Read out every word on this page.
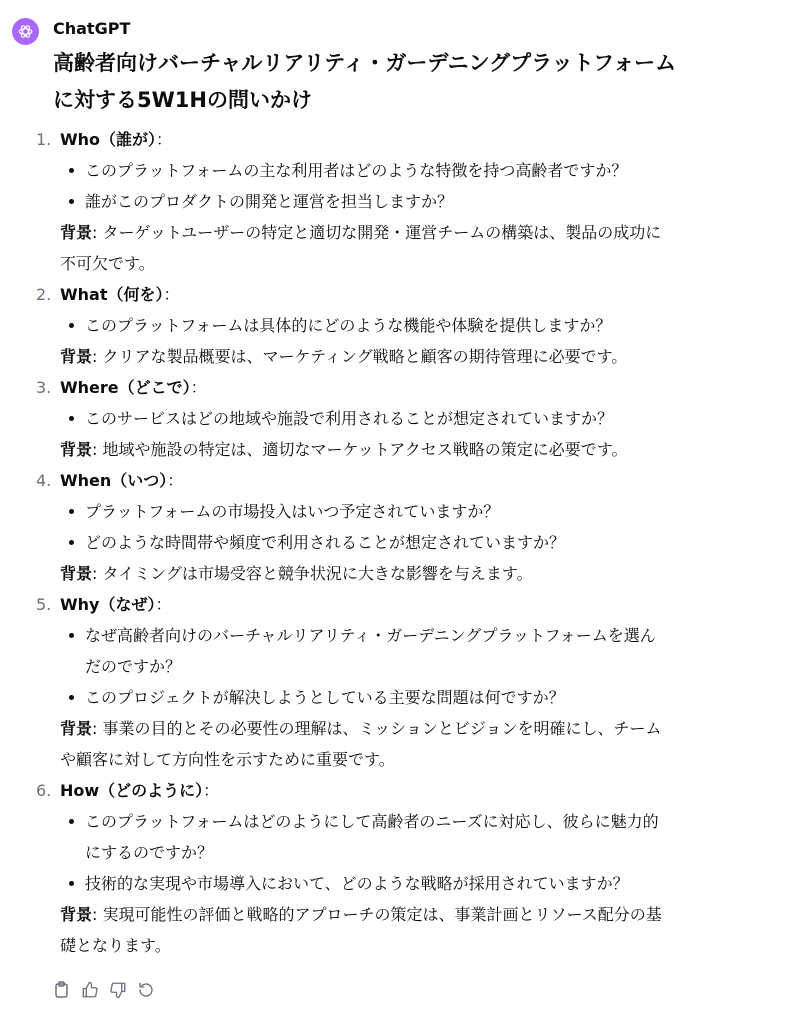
ChatGPT
高齢者向けバーチャルリアリティ・ガーデニングプラットフォーム
に対する5W1Hの問いかけ
1. Who（誰が）：
このプラットフォームの主な利用者はどのような特徴を持つ高齢者ですか？
誰がこのプロダクトの開発と運営を担当しますか？
背景: ターゲットユーザーの特定と適切な開発・運営チームの構築は、製品の成功に
不可欠です。
2. What（何を）：
このプラットフォームは具体的にどのような機能や体験を提供しますか？
背景: クリアな製品概要は、マーケティング戦略と顧客の期待管理に必要です。
3. Where（どこで）：
このサービスはどの地域や施設で利用されることが想定されていますか？
背景: 地域や施設の特定は、適切なマーケットアクセス戦略の策定に必要です。
4. When（いつ）：
プラットフォームの市場投入はいつ予定されていますか？
どのような時間帯や頻度で利用されることが想定されていますか？
背景: タイミングは市場受容と競争状況に大きな影響を与えます。
5. Why（なぜ）：
なぜ高齢者向けのバーチャルリアリティ・ガーデニングプラットフォームを選ん
だのですか？
このプロジェクトが解決しようとしている主要な問題は何ですか？
背景: 事業の目的とその必要性の理解は、ミッションとビジョンを明確にし、チーム
や顧客に対して方向性を示すために重要です。
6. How（どのように）：
このプラットフォームはどのようにして高齢者のニーズに対応し、彼らに魅力的
にするのですか？
技術的な実現や市場導入において、どのような戦略が採用されていますか？
背景: 実現可能性の評価と戦略的アプローチの策定は、事業計画とリソース配分の基
礎となります。
